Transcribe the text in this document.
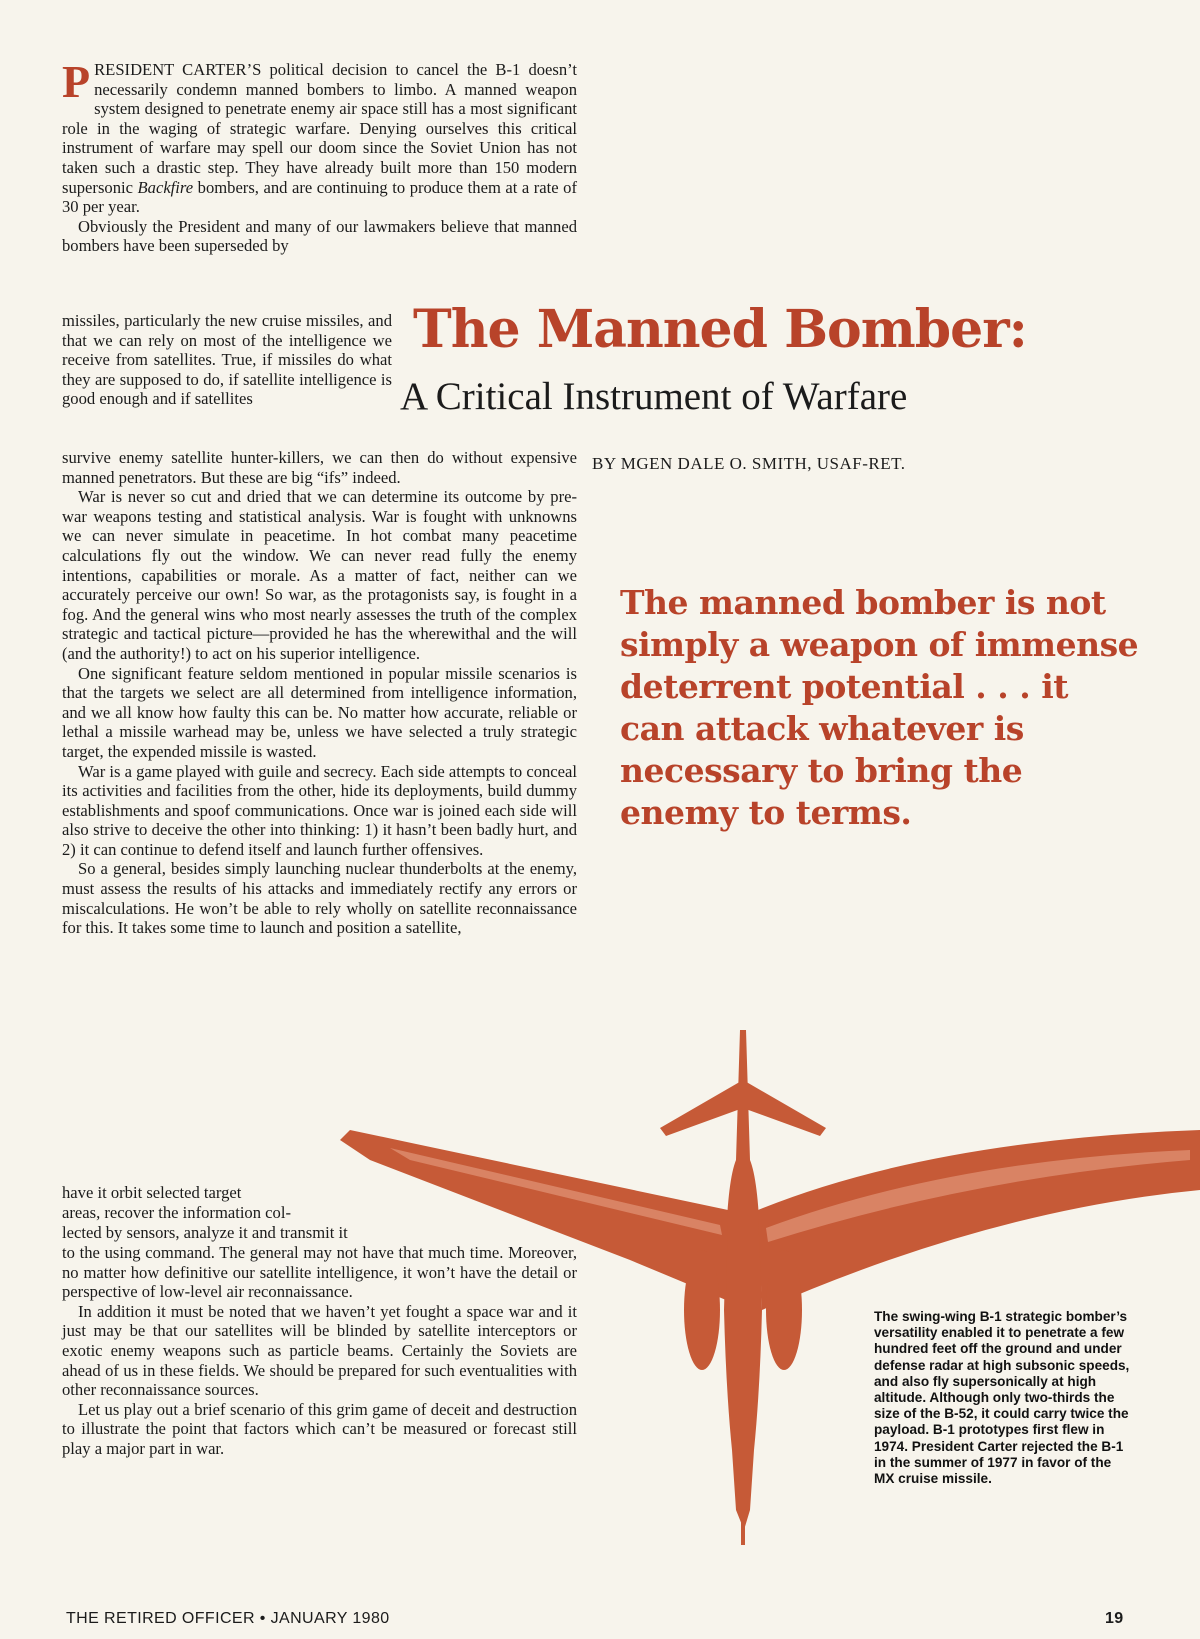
PRESIDENT CARTER’S political decision to cancel the B-1 doesn’t necessarily condemn manned bombers to limbo. A manned weapon system designed to penetrate enemy air space still has a most significant role in the waging of strategic warfare. Denying ourselves this critical instrument of warfare may spell our doom since the Soviet Union has not taken such a drastic step. They have already built more than 150 modern supersonic Backfire bombers, and are continuing to produce them at a rate of 30 per year.

Obviously the President and many of our lawmakers believe that manned bombers have been superseded by

missiles, particularly the new cruise missiles, and that we can rely on most of the intelligence we receive from satellites. True, if missiles do what they are supposed to do, if satellite intelligence is good enough and if satellites

survive enemy satellite hunter-killers, we can then do without expensive manned penetrators. But these are big “ifs” indeed.

War is never so cut and dried that we can determine its outcome by pre-war weapons testing and statistical analysis. War is fought with unknowns we can never simulate in peacetime. In hot combat many peacetime calculations fly out the window. We can never read fully the enemy intentions, capabilities or morale. As a matter of fact, neither can we accurately perceive our own! So war, as the protagonists say, is fought in a fog. And the general wins who most nearly assesses the truth of the complex strategic and tactical picture—provided he has the wherewithal and the will (and the authority!) to act on his superior intelligence.

One significant feature seldom mentioned in popular missile scenarios is that the targets we select are all determined from intelligence information, and we all know how faulty this can be. No matter how accurate, reliable or lethal a missile warhead may be, unless we have selected a truly strategic target, the expended missile is wasted.

War is a game played with guile and secrecy. Each side attempts to conceal its activities and facilities from the other, hide its deployments, build dummy establishments and spoof communications. Once war is joined each side will also strive to deceive the other into thinking: 1) it hasn’t been badly hurt, and 2) it can continue to defend itself and launch further offensives.

So a general, besides simply launching nuclear thunderbolts at the enemy, must assess the results of his attacks and immediately rectify any errors or miscalculations. He won’t be able to rely wholly on satellite reconnaissance for this. It takes some time to launch and position a satellite,

have it orbit selected target

areas, recover the information col-

lected by sensors, analyze it and transmit it

to the using command. The general may not have that much time. Moreover, no matter how definitive our satellite intelligence, it won’t have the detail or perspective of low-level air reconnaissance.

In addition it must be noted that we haven’t yet fought a space war and it just may be that our satellites will be blinded by satellite interceptors or exotic enemy weapons such as particle beams. Certainly the Soviets are ahead of us in these fields. We should be prepared for such eventualities with other reconnaissance sources.

Let us play out a brief scenario of this grim game of deceit and destruction to illustrate the point that factors which can’t be measured or forecast still play a major part in war.

The Manned Bomber:
A Critical Instrument of Warfare
BY MGEN DALE O. SMITH, USAF-RET.
The manned bomber is not simply a weapon of immense deterrent potential . . . it can attack whatever is necessary to bring the enemy to terms.
The swing-wing B-1 strategic bomber’s versatility enabled it to penetrate a few hundred feet off the ground and under defense radar at high subsonic speeds, and also fly supersonically at high altitude. Although only two-thirds the size of the B-52, it could carry twice the payload. B-1 prototypes first flew in 1974. President Carter rejected the B-1 in the summer of 1977 in favor of the MX cruise missile.
THE RETIRED OFFICER • JANUARY 1980	19
